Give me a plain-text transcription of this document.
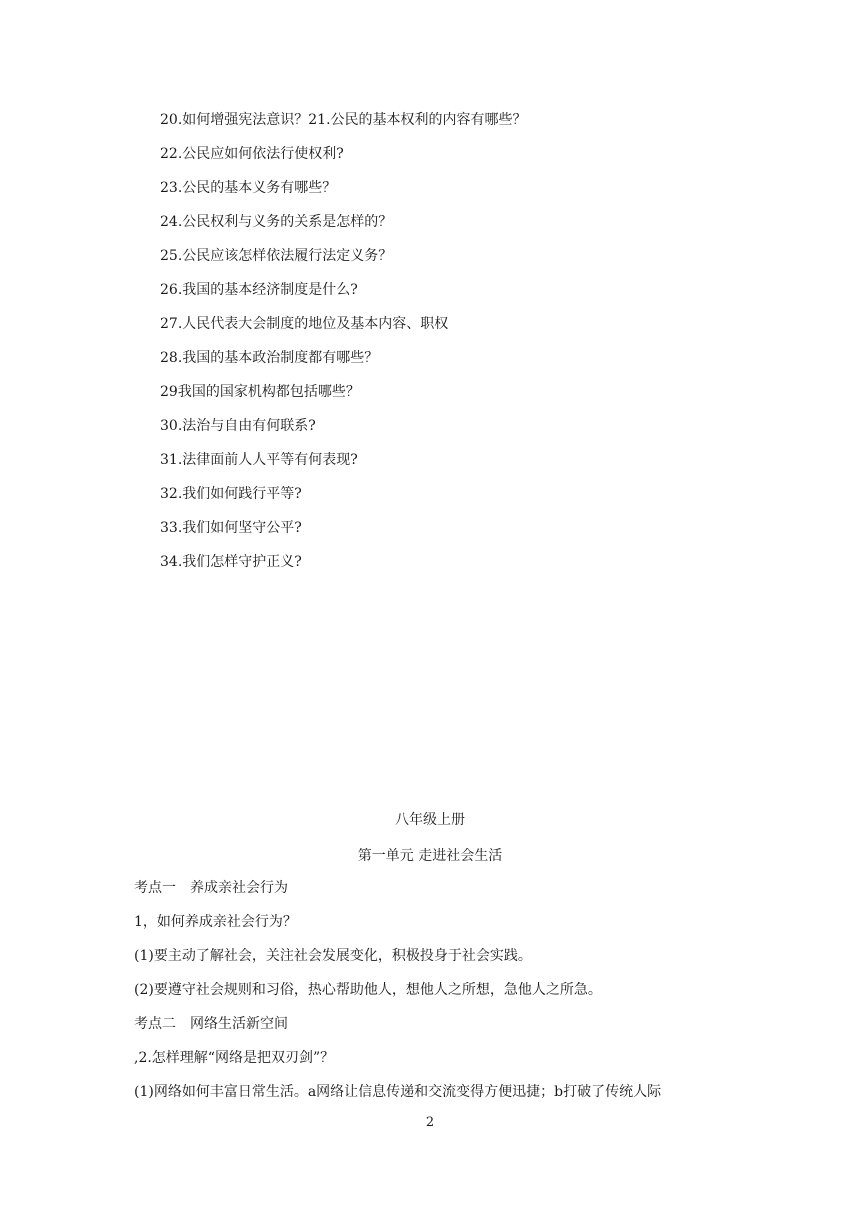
20.如何增强宪法意识？21.公民的基本权利的内容有哪些？
22.公民应如何依法行使权利?
23.公民的基本义务有哪些？
24.公民权利与义务的关系是怎样的？
25.公民应该怎样依法履行法定义务？
26.我国的基本经济制度是什么?
27.人民代表大会制度的地位及基本内容、职权
28.我国的基本政治制度都有哪些？
29我国的国家机构都包括哪些？
30.法治与自由有何联系?
31.法律面前人人平等有何表现?
32.我们如何践行平等?
33.我们如何坚守公平?
34.我们怎样守护正义?
八年级上册
第一单元 走进社会生活
考点一　养成亲社会行为
1，如何养成亲社会行为？
(1)要主动了解社会，关注社会发展变化，积极投身于社会实践。
(2)要遵守社会规则和习俗，热心帮助他人，想他人之所想，急他人之所急。
考点二　网络生活新空间
,2.怎样理解“网络是把双刃剑”？
(1)网络如何丰富日常生活。a网络让信息传递和交流变得方便迅捷；b打破了传统人际
2
